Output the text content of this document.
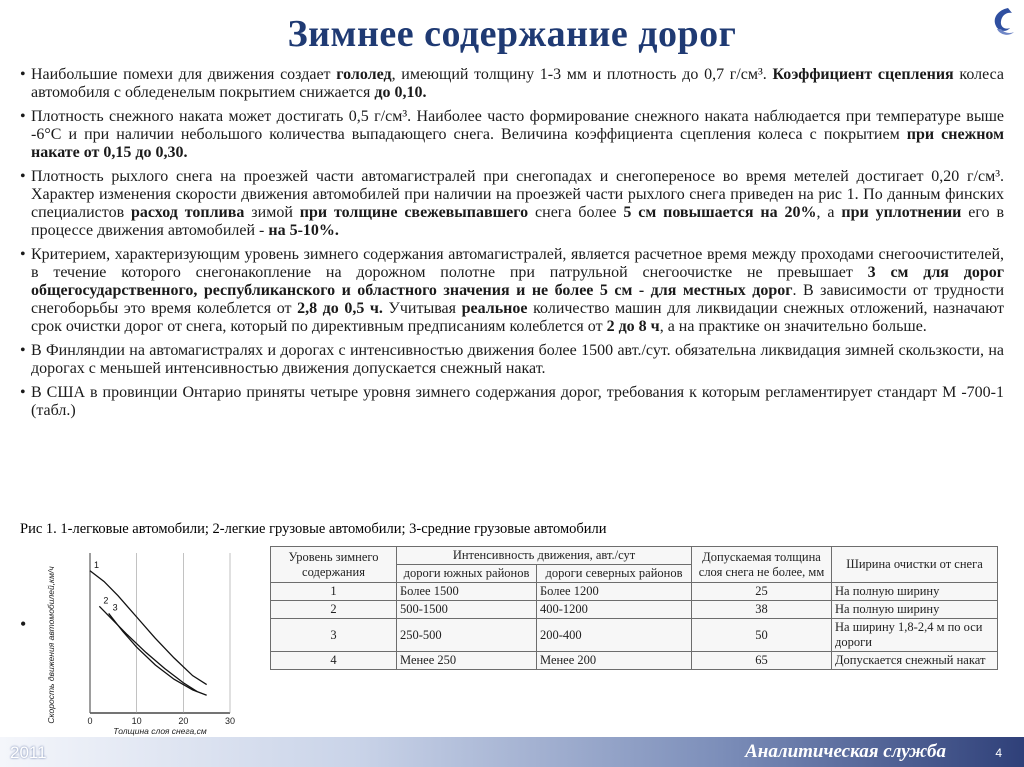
Зимнее содержание дорог
• Наибольшие помехи для движения создает гололед, имеющий толщину 1-3 мм и плотность до 0,7 г/см³. Коэффициент сцепления колеса автомобиля с обледенелым покрытием снижается до 0,10.
• Плотность снежного наката может достигать 0,5 г/см³. Наиболее часто формирование снежного наката наблюдается при температуре выше -6°С и при наличии небольшого количества выпадающего снега. Величина коэффициента сцепления колеса с покрытием при снежном накате от 0,15 до 0,30.
• Плотность рыхлого снега на проезжей части автомагистралей при снегопадах и снегопереносе во время метелей достигает 0,20 г/см³. Характер изменения скорости движения автомобилей при наличии на проезжей части рыхлого снега приведен на рис 1. По данным финских специалистов расход топлива зимой при толщине свежевыпавшего снега более 5 см повышается на 20%, а при уплотнении его в процессе движения автомобилей - на 5-10%.
• Критерием, характеризующим уровень зимнего содержания автомагистралей, является расчетное время между проходами снегоочистителей, в течение которого снегонакопление на дорожном полотне при патрульной снегоочистке не превышает 3 см для дорог общегосударственного, республиканского и областного значения и не более 5 см - для местных дорог. В зависимости от трудности снегоборьбы это время колеблется от 2,8 до 0,5 ч. Учитывая реальное количество машин для ликвидации снежных отложений, назначают срок очистки дорог от снега, который по директивным предписаниям колеблется от 2 до 8 ч, а на практике он значительно больше.
• В Финляндии на автомагистралях и дорогах с интенсивностью движения более 1500 авт./сут. обязательна ликвидация зимней скользкости, на дорогах с меньшей интенсивностью движения допускается снежный накат.
• В США в провинции Онтарио приняты четыре уровня зимнего содержания дорог, требования к которым регламентирует стандарт М -700-1 (табл.)
Рис 1. 1-легковые автомобили; 2-легкие грузовые автомобили; 3-средние грузовые автомобили
1
2
3
0	10	20	30
Скорость движения автомобилей,км/ч
Толщина слоя снега,см
•
Уровень зимнего содержания	Интенсивность движения, авт./сут		Допускаемая толщина слоя снега не более, мм	Ширина очистки от снега
	дороги южных районов	дороги северных районов		
1	Более 1500	Более 1200	25	На полную ширину
2	500-1500	400-1200	38	На полную ширину
3	250-500	200-400	50	На ширину 1,8-2,4 м по оси дороги
4	Менее 250	Менее 200	65	Допускается снежный накат
2011	Аналитическая служба	4
